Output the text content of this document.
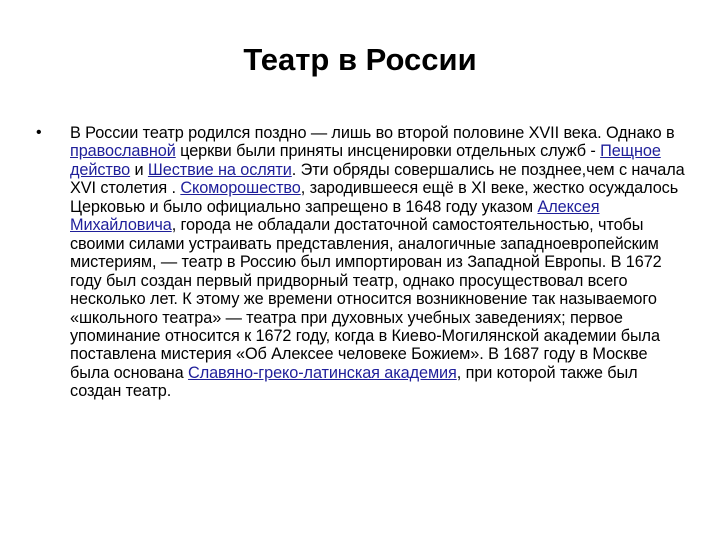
Театр в России
•	В России театр родился поздно — лишь во второй половине XVII века. Однако в православной церкви были приняты инсценировки отдельных служб - Пещное действо и Шествие на осляти. Эти обряды совершались не позднее,чем с начала XVI столетия . Скоморошество, зародившееся ещё в XI веке, жестко осуждалось Церковью и было официально запрещено в 1648 году указом Алексея Михайловича, города не обладали достаточной самостоятельностью, чтобы своими силами устраивать представления, аналогичные западноевропейским мистериям, — театр в Россию был импортирован из Западной Европы. В 1672 году был создан первый придворный театр, однако просуществовал всего несколько лет. К этому же времени относится возникновение так называемого «школьного театра» — театра при духовных учебных заведениях; первое упоминание относится к 1672 году, когда в Киево-Могилянской академии была поставлена мистерия «Об Алексее человеке Божием». В 1687 году в Москве была основана Славяно-греко-латинская академия, при которой также был создан театр.
